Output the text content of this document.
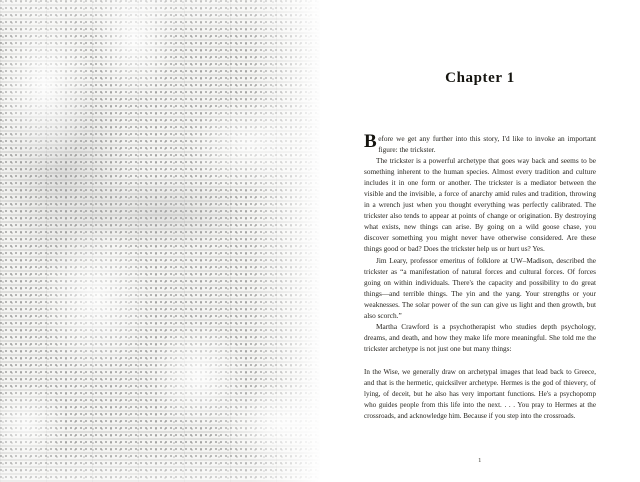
Chapter 1

Before we get any further into this story, I'd like to invoke an important figure: the trickster.

The trickster is a powerful archetype that goes way back and seems to be something inherent to the human species. Almost every tradition and culture includes it in one form or another. The trickster is a mediator between the visible and the invisible, a force of anarchy amid rules and tradition, throwing in a wrench just when you thought everything was perfectly calibrated. The trickster also tends to appear at points of change or origination. By destroying what exists, new things can arise. By going on a wild goose chase, you discover something you might never have otherwise considered. Are these things good or bad? Does the trickster help us or hurt us? Yes.

Jim Leary, professor emeritus of folklore at UW–Madison, described the trickster as “a manifestation of natural forces and cultural forces. Of forces going on within individuals. There's the capacity and possibility to do great things—and terrible things. The yin and the yang. Your strengths or your weaknesses. The solar power of the sun can give us light and then growth, but also scorch.”

Martha Crawford is a psychotherapist who studies depth psychology, dreams, and death, and how they make life more meaningful. She told me the trickster archetype is not just one but many things:

In the Wise, we generally draw on archetypal images that lead back to Greece, and that is the hermetic, quicksilver archetype. Hermes is the god of thievery, of lying, of deceit, but he also has very important functions. He's a psychopomp who guides people from this life into the next. . . . You pray to Hermes at the crossroads, and acknowledge him. Because if you step into the crossroads.

1
